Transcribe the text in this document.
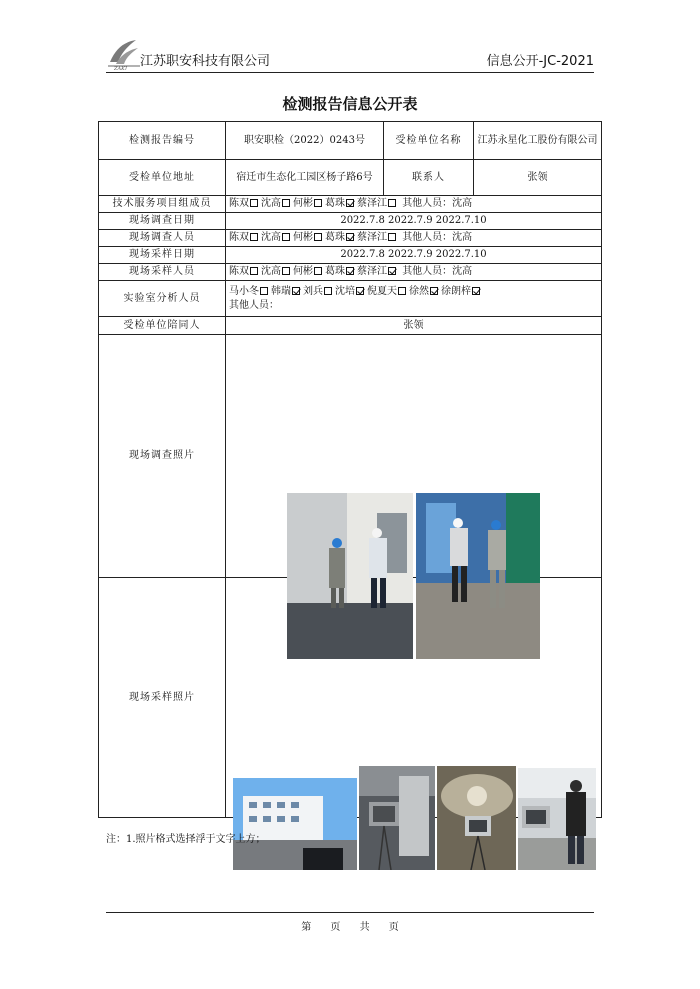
ZAKJ 江苏职安科技有限公司	信息公开-JC-2021
检测报告信息公开表
检测报告编号	职安职检（2022）0243号	受检单位名称	江苏永星化工股份有限公司
受检单位地址	宿迁市生态化工园区杨子路6号	联系人	张领
技术服务项目组成员	陈双 沈高 何彬 葛珠 蔡泽江 其他人员：沈高		
现场调查日期	2022.7.8 2022.7.9 2022.7.10		
现场调查人员	陈双 沈高 何彬 葛珠 蔡泽江 其他人员：沈高		
现场采样日期	2022.7.8 2022.7.9 2022.7.10		
现场采样人员	陈双 沈高 何彬 葛珠 蔡泽江 其他人员：沈高		
实验室分析人员	马小冬 韩瑞 刘兵 沈培 倪夏天 徐然 徐朗梓
其他人员：		

受检单位陪同人	张领		
现场调查照片	

现场采样照片	
注：1.照片格式选择浮于文字上方；
第 页 共 页
